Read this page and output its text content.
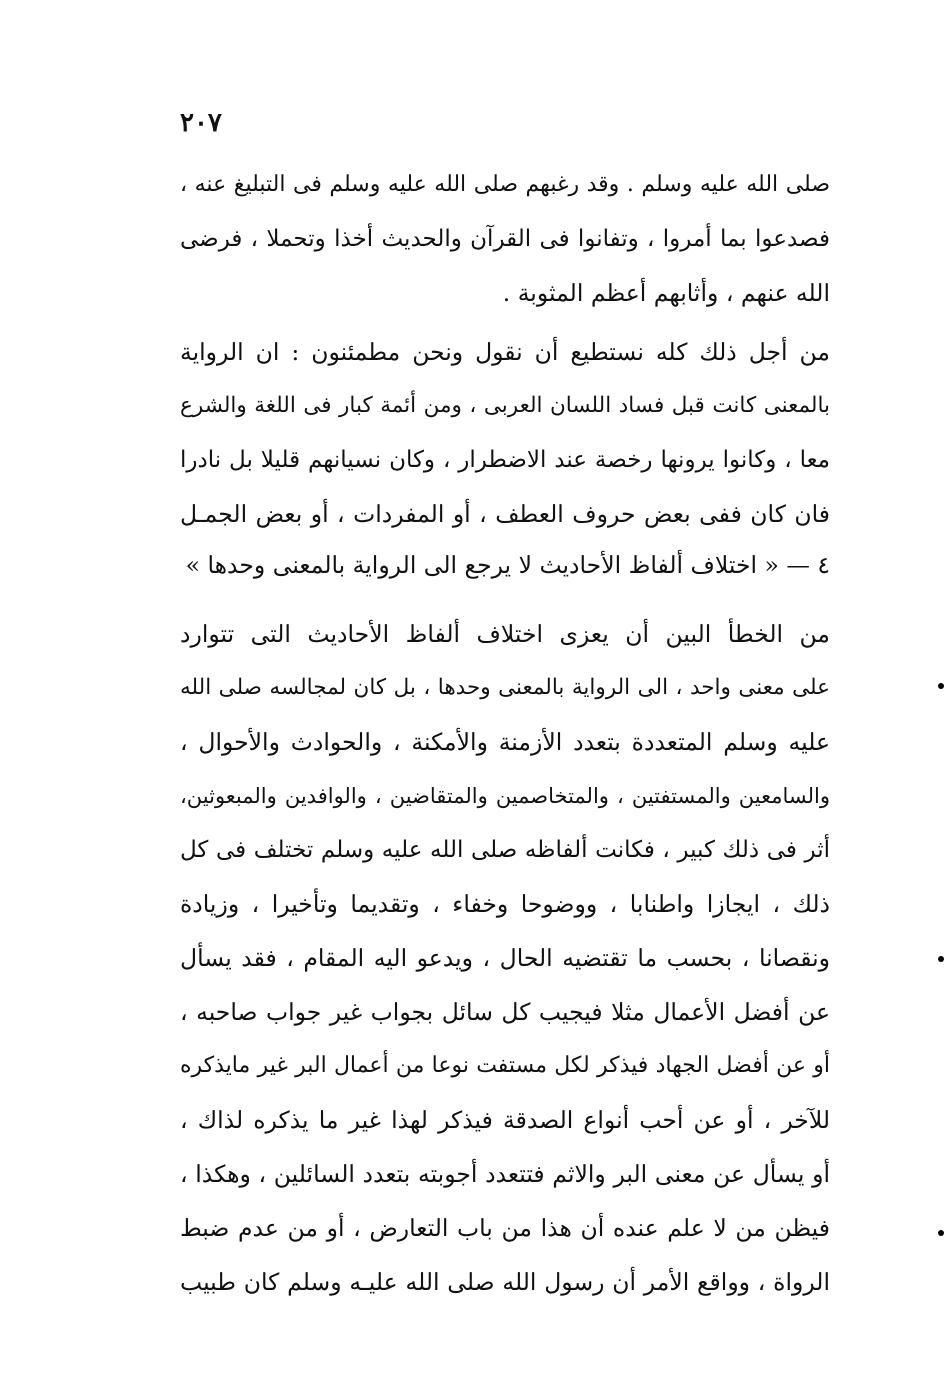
٢٠٧
صلى الله عليه وسلم . وقد رغبهم صلى الله عليه وسلم فى التبليغ عنه ،
فصدعوا بما أمروا ، وتفانوا فى القرآن والحديث أخذا وتحملا ، فرضى
الله عنهم ، وأثابهم أعظم المثوبة .
من أجل ذلك كله نستطيع أن نقول ونحن مطمئنون : ان الرواية
بالمعنى كانت قبل فساد اللسان العربى ، ومن أئمة كبار فى اللغة والشرع
معا ، وكانوا يرونها رخصة عند الاضطرار ، وكان نسيانهم قليلا بل نادرا
فان كان ففى بعض حروف العطف ، أو المفردات ، أو بعض الجمـل
٤ — « اختلاف ألفاظ الأحاديث لا يرجع الى الرواية بالمعنى وحدها »
من الخطأ البين أن يعزى اختلاف ألفاظ الأحاديث التى تتوارد
على معنى واحد ، الى الرواية بالمعنى وحدها ، بل كان لمجالسه صلى الله
عليه وسلم المتعددة بتعدد الأزمنة والأمكنة ، والحوادث والأحوال ،
والسامعين والمستفتين ، والمتخاصمين والمتقاضين ، والوافدين والمبعوثين،
أثر فى ذلك كبير ، فكانت ألفاظه صلى الله عليه وسلم تختلف فى كل
ذلك ، ايجازا واطنابا ، ووضوحا وخفاء ، وتقديما وتأخيرا ، وزيادة
ونقصانا ، بحسب ما تقتضيه الحال ، ويدعو اليه المقام ، فقد يسأل
عن أفضل الأعمال مثلا فيجيب كل سائل بجواب غير جواب صاحبه ،
أو عن أفضل الجهاد فيذكر لكل مستفت نوعا من أعمال البر غير مايذكره
للآخر ، أو عن أحب أنواع الصدقة فيذكر لهذا غير ما يذكره لذاك ،
أو يسأل عن معنى البر والاثم فتتعدد أجوبته بتعدد السائلين ، وهكذا ،
فيظن من لا علم عنده أن هذا من باب التعارض ، أو من عدم ضبط
الرواة ، وواقع الأمر أن رسول الله صلى الله عليـه وسلم كان طبيب
